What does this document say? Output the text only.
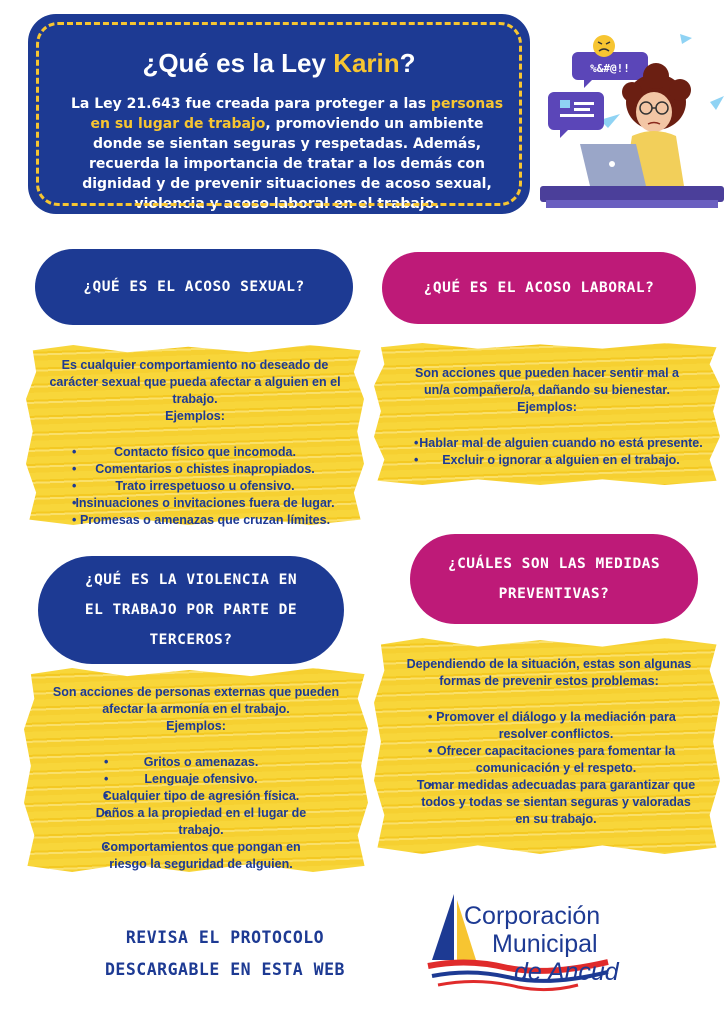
¿Qué es la Ley Karin?
La Ley 21.643 fue creada para proteger a las personas en su lugar de trabajo, promoviendo un ambiente donde se sientan seguras y respetadas. Además, recuerda la importancia de tratar a los demás con dignidad y de prevenir situaciones de acoso sexual, violencia y acoso laboral en el trabajo.
%&#@!!
¿QUÉ ES EL ACOSO SEXUAL?
Es cualquier comportamiento no deseado de carácter sexual que pueda afectar a alguien en el trabajo.
Ejemplos:
• Contacto físico que incomoda.
• Comentarios o chistes inapropiados.
• Trato irrespetuoso u ofensivo.
• Insinuaciones o invitaciones fuera de lugar.
• Promesas o amenazas que cruzan límites.
¿QUÉ ES EL ACOSO LABORAL?
Son acciones que pueden hacer sentir mal a un/a compañero/a, dañando su bienestar.
Ejemplos:
• Hablar mal de alguien cuando no está presente.
• Excluir o ignorar a alguien en el trabajo.
¿QUÉ ES LA VIOLENCIA EN
EL TRABAJO POR PARTE DE
TERCEROS?
Son acciones de personas externas que pueden afectar la armonía en el trabajo.
Ejemplos:
• Gritos o amenazas.
• Lenguaje ofensivo.
• Cualquier tipo de agresión física.
• Daños a la propiedad en el lugar de trabajo.
• Comportamientos que pongan en riesgo la seguridad de alguien.
¿CUÁLES SON LAS MEDIDAS
PREVENTIVAS?
Dependiendo de la situación, estas son algunas formas de prevenir estos problemas:
• Promover el diálogo y la mediación para resolver conflictos.
• Ofrecer capacitaciones para fomentar la comunicación y el respeto.
• Tomar medidas adecuadas para garantizar que todos y todas se sientan seguras y valoradas en su trabajo.
REVISA EL PROTOCOLO
DESCARGABLE EN ESTA WEB
Corporación
Municipal
de Ancud
